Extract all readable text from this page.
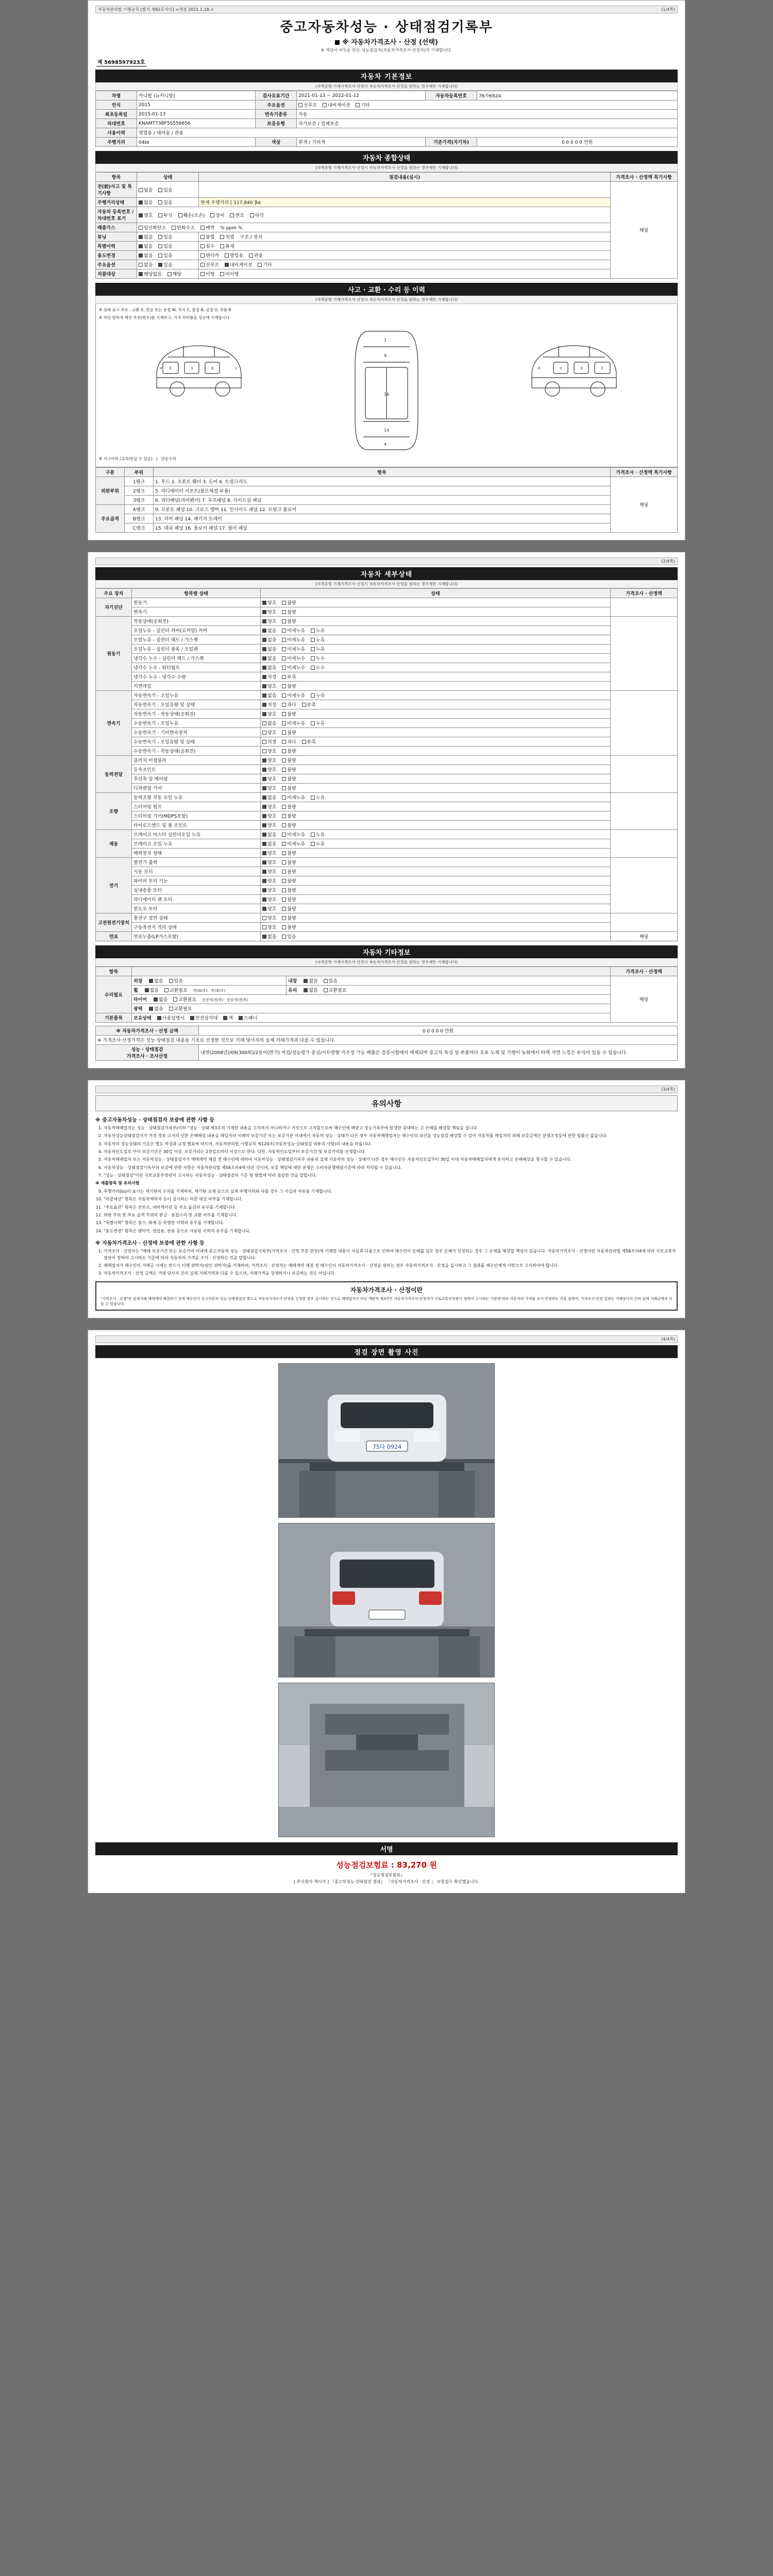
자동차관리법 시행규칙 [별지 제82호서식] <개정 2021.1.18.>	(1/4쪽)
중고자동차성능 · 상태점검기록부
※ 자동차가격조사 · 산정 (선택)
※ 색상이 어두운 란은 성능점검자(자동차가격조사·산정자)가 기재합니다.
제 5698597923호
자동차 기본정보
(자격증명 기재가격조사·산정시 자동차가격조사·산정을 원하는 경우에만 기재합니다)
차명	카니발 (뉴카니발)	검사유효기간	2021-01-13 ~ 2022-01-12	자동차등록번호	76자6924
연식	2015	주요옵션	선루프 내비게이션 기타		
최초등록일	2015-01-13	변속기종류	자동		
차대번호	KNAMT73BF5S556656	보증유형	자가보증 / 업체보증		
사용이력	영업용 / 대여용 / 관용				
주행거리	04㎞	색상	흰색 / 기타색	기준가격(자기차)	0 0 0 0 0 만원
자동차 종합상태
(자격증명 기재가격조사·산정시 자동차가격조사·산정을 원하는 경우에만 기재합니다)
항목	상태	점검내용(실시)	가격조사 · 산정액 특기사항
전(前)사고 및 특기사항	없음 있음		해당
주행거리상태	없음 있음	현재 주행거리 [ 117,840 ]㎞	
자동차 등록번호 / 차대번호 표기	양호 부식 훼손(오손) 상이 변조 타각		
배출가스	일산화탄소 탄화수소 매연 % ppm %		
튜닝	없음 있음	불법 적법 구조 / 장치	
특별이력	없음 있음	침수 화재	
용도변경	없음 있음	렌터카 영업용 관용	
주요옵션	없음 있음	선루프 내비게이션 기타	
리콜대상	해당없음 해당	이행 미이행	
사고 · 교환 · 수리 등 이력
(자격증명 기재가격조사·산정시 자동차가격조사·산정을 원하는 경우에만 기재합니다)
※ 상태 표시 부호 : 교환 X, 판금 또는 용접 W, 부식 C, 흠집 A, 굴절 U, 부품 B
※ 하단 항목에 해당 부위(번호)를 기재하고, 가치 하락률을 성능에 기재합니다.
3	3	6	1
4
1
9
16
14
4
6	3	3	2
※ 사고이력 (교차/판금 수 있음)   |   단순수리
구분	부위	항목	가격조사 · 산정액 특기사항
외판부위	1랭크	1. 후드 2. 프론트 휀더 3. 도어 4. 트렁크리드	해당
	2랭크	5. 라디에이터 서포트(볼트체결 부품)	
	3랭크	6. 쿼터패널(리어펜더) 7. 루프패널 8. 사이드실 패널	
주요골격	A랭크	9. 프론트 패널 10. 크로스 멤버 11. 인사이드 패널 12. 트렁크 플로어	
	B랭크	13. 리어 패널 14. 패키지 트레이	
	C랭크	15. 대쉬 패널 16. 플로어 패널 17. 필러 패널	
(2/4쪽)
자동차 세부상태
(자격증명 기재가격조사·산정시 자동차가격조사·산정을 원하는 경우에만 기재합니다)
주요 장치	항목별 상태	상태	가격조사 · 산정액
자기진단	원동기	양호 불량	
	변속기	양호 불량	
원동기	작동상태(공회전)	양호 불량	
	오일누유 - 실린더 커버(로커암) 커버	없음 미세누유 누유	
	오일누유 - 실린더 헤드 / 가스켓	없음 미세누유 누유	
	오일누유 - 실린더 블록 / 오일팬	없음 미세누유 누유	
	냉각수 누수 - 실린더 헤드 / 가스켓	없음 미세누수 누수	
	냉각수 누수 - 워터펌프	없음 미세누수 누수	
	냉각수 누수 - 냉각수 수량	적정 부족	
	커먼레일	양호 불량	
변속기	자동변속기 - 오일누유	없음 미세누유 누유	
	자동변속기 - 오일유량 및 상태	적정 과다 부족	
	자동변속기 - 작동상태(공회전)	양호 불량	
	수동변속기 - 오일누유	없음 미세누유 누유	
	수동변속기 - 기어변속장치	양호 불량	
	수동변속기 - 오일유량 및 상태	적정 과다 부족	
	수동변속기 - 작동상태(공회전)	양호 불량	
동력전달	클러치 어셈블리	양호 불량	
	등속조인트	양호 불량	
	추진축 및 베어링	양호 불량	
	디퍼렌셜 기어	양호 불량	
조향	동력조향 작동 오일 누유	없음 미세누유 누유	
	스티어링 펌프	양호 불량	
	스티어링 기어(MDPS포함)	양호 불량	
	타이로드엔드 및 볼 조인트	양호 불량	
제동	브레이크 마스터 실린더오일 누유	없음 미세누유 누유	
	브레이크 오일 누유	없음 미세누유 누유	
	배력장치 상태	양호 불량	
전기	발전기 출력	양호 불량	
	시동 모터	양호 불량	
	와이퍼 모터 기능	양호 불량	
	실내송풍 모터	양호 불량	
	라디에이터 팬 모터	양호 불량	
	윈도우 모터	양호 불량	
고전원전기장치	충전구 절연 상태	양호 불량	
	구동축전지 격리 상태	양호 불량	
연료	연료누출(LP가스포함)	없음 있음	해당
자동차 기타정보
(자격증명 기재가격조사·산정시 자동차가격조사·산정을 원하는 경우에만 기재합니다)
항목			가격조사 · 산정액
수리필요	외장 없음 있음	내장 없음 있음	해당
	휠 없음 교환필요 전(좌/우) · 후(좌/우)	유리 없음 교환필요	
	타이어 없음 교환필요 운전석(전/후) · 동승석(전/후)		
	광택 없음 교환필요		
기본품목	보유상태 사용설명서 안전삼각대 잭 스패너		
※ 자동차가격조사 · 산정 금액	0 0 0 0 0 만원
※ 가격조사·산정가격은 성능·상태점검 내용을 기초로 산정한 것으로 거래 당사자의 실제 거래가격과 다를 수 있습니다.	

성능 · 상태점검
가격조사 · 조사산정	내연(2008년)/09(300회)/2동이(반기) 미검/성능평가 중심/시트방향 거주정 기능 배출은 검증시험에서 배제되며 중고차 특성 상 부품마다 유효 도체 및 기행이 뉴회에서 타랙 지연 느낌은 부식이 있을 수 있습니다.
(3/4쪽)
유의사항
※ 중고자동차성능 · 상태점검자 보증에 관한 사항 등
1. 자동차매매업자는 성능 · 상태점검기록부(이하 "성능 · 상태 제3호의 기재한 내용을 고지하지 아니하거나 거짓으로 고지할으로써 매수인에 해당고 성능기록부에 발생한 중대하는 고 손해를 배상할 책임을 집니다.
2. 자동차성능상태점검자가 거짓 정보 고지의 인한 손해배상 내용을 매입자의 이해의 보증기간 또는 보증기관 이내에서 자동차 성능 · 상태가 다른 경우 자동차매매업자는 매수인의 피신술 성능점검 배상할 수 있어 자동차를 매입자의 피해 보증금액은 분쟁조정등에 관한 법률은 없습니다.
3. 자동차의 성능상태의 기준은 별도 작성과 규정 별표에 따르며, 자동차관리법 시행규칙 제120조(자동차성능·상태점검 내용의 사항)의 내용을 따릅니다.
4. 자동차인도일로 부터 보증기간은 30일 이상, 보증거리는 2천킬로미터 이상으로 한다. 다만, 자동차인도일부터 보증기간 및 보증거리를 산정합니다.
5. 자동차매매업자 또는 자동차성능 · 상태점검자가 매매계약 체결 전 매수인에 대하여 자동차성능 · 상태점검기록부 내용과 실제 자동차의 성능 · 상태가 다른 경우 매수인은 자동차인도일부터 30일 이내 자동차매매업자에게 통지하고 손해배상을 청구할 수 있습니다.
6. 자동차성능 · 상태점검기록부의 보증에 관한 사항은 자동차관리법 제58조의4에 따른 것이며, 보증 책임에 대한 분쟁은 소비자분쟁해결기준에 따라 처리될 수 있습니다.
7. "성능 · 상태점검"이란 국토교통부장관이 고시하는 자동차성능 · 상태점검의 기준 및 방법에 따라 점검한 것을 말합니다.
※ 제출항목 및 유의사항
9. 주행거리(㎞)의 표시는 계기판의 수치를 기재하되, 계기판 교체 등으로 실제 주행거리와 다를 경우 그 사실과 사유를 기재합니다.
10. "리콜대상" 항목은 자동차제작자 등이 실시하는 리콜 대상 여부를 기재합니다.
11. "주요옵션" 항목은 선루프, 내비게이션 등 주요 옵션의 유무를 기재합니다.
12. 외판 부위 및 주요 골격 부위의 판금 · 용접수리 및 교환 여부를 기재합니다.
13. "특별이력" 항목은 침수, 화재 등 특별한 이력의 유무를 기재합니다.
14. "용도변경" 항목은 렌터카, 영업용, 관용 등으로 사용된 이력의 유무를 기재합니다.
※ 자동차가격조사 · 산정에 보증에 관한 사항 등
1. 가격조사 · 산정자는 "매매 보증기간 또는 보증거리 이내에 중고자동차 성능 · 상태점검기록부(가격조사 · 산정 부분 한정)에 기재한 내용이 사실과 다름으로 인하여 매수인이 손해를 입은 경우 손해가 인정되는 경우 그 손해를 배상할 책임이 있습니다. 자동차가격조사 · 산정이란 자동차관리법 제58조의4에 따라 국토교통부장관이 정하여 고시하는 기준에 따라 자동차의 가격을 조사 · 산정하는 것을 말합니다.
2. 매매업자가 매수인이 거래금 시에는 반드시 이행 위탁자(원인 위탁자)를 기재하며, 가격조사 · 산정자는 매매계약 체결 전 매수인이 자동차가격조사 · 산정을 원하는 경우 자동차가격조사 · 산정을 실시하고 그 결과를 매수인에게 서면으로 고지하여야 합니다.
3. 자동차가격조사 · 산정 금액은 거래 당사자 간의 실제 거래가격과 다를 수 있으며, 거래가격을 강제하거나 보증하는 것은 아닙니다.
자동차가격조사 · 산정이란
"가격조사 · 산정"란 실제거래 매매계약 체결하기 전에 매수인이 중고자동차 성능·상태점검과 별도로 자동차가격조사·산정을 신청할 경우 실시하는 것으로 매매업자가 아닌 객관적 제3자인 자동차가격조사·산정자가 국토교통부장관이 정하여 고시하는 기준에 따라 자동차의 가격을 조사·산정하는 것을 말하며, 가격조사·산정 결과는 거래당사자 간의 실제 거래금액과 다를 수 있습니다.
(4/4쪽)
점검 장면 촬영 사진
75다 0924
서명
성능점검보험료 : 83,270 원
『성능점검보험료』
[ 주식회사 케이카 ] 『중고차성능·상태점검 결과』 『자동차가격조사 · 산정 』 보험접수 확인했습니다.
